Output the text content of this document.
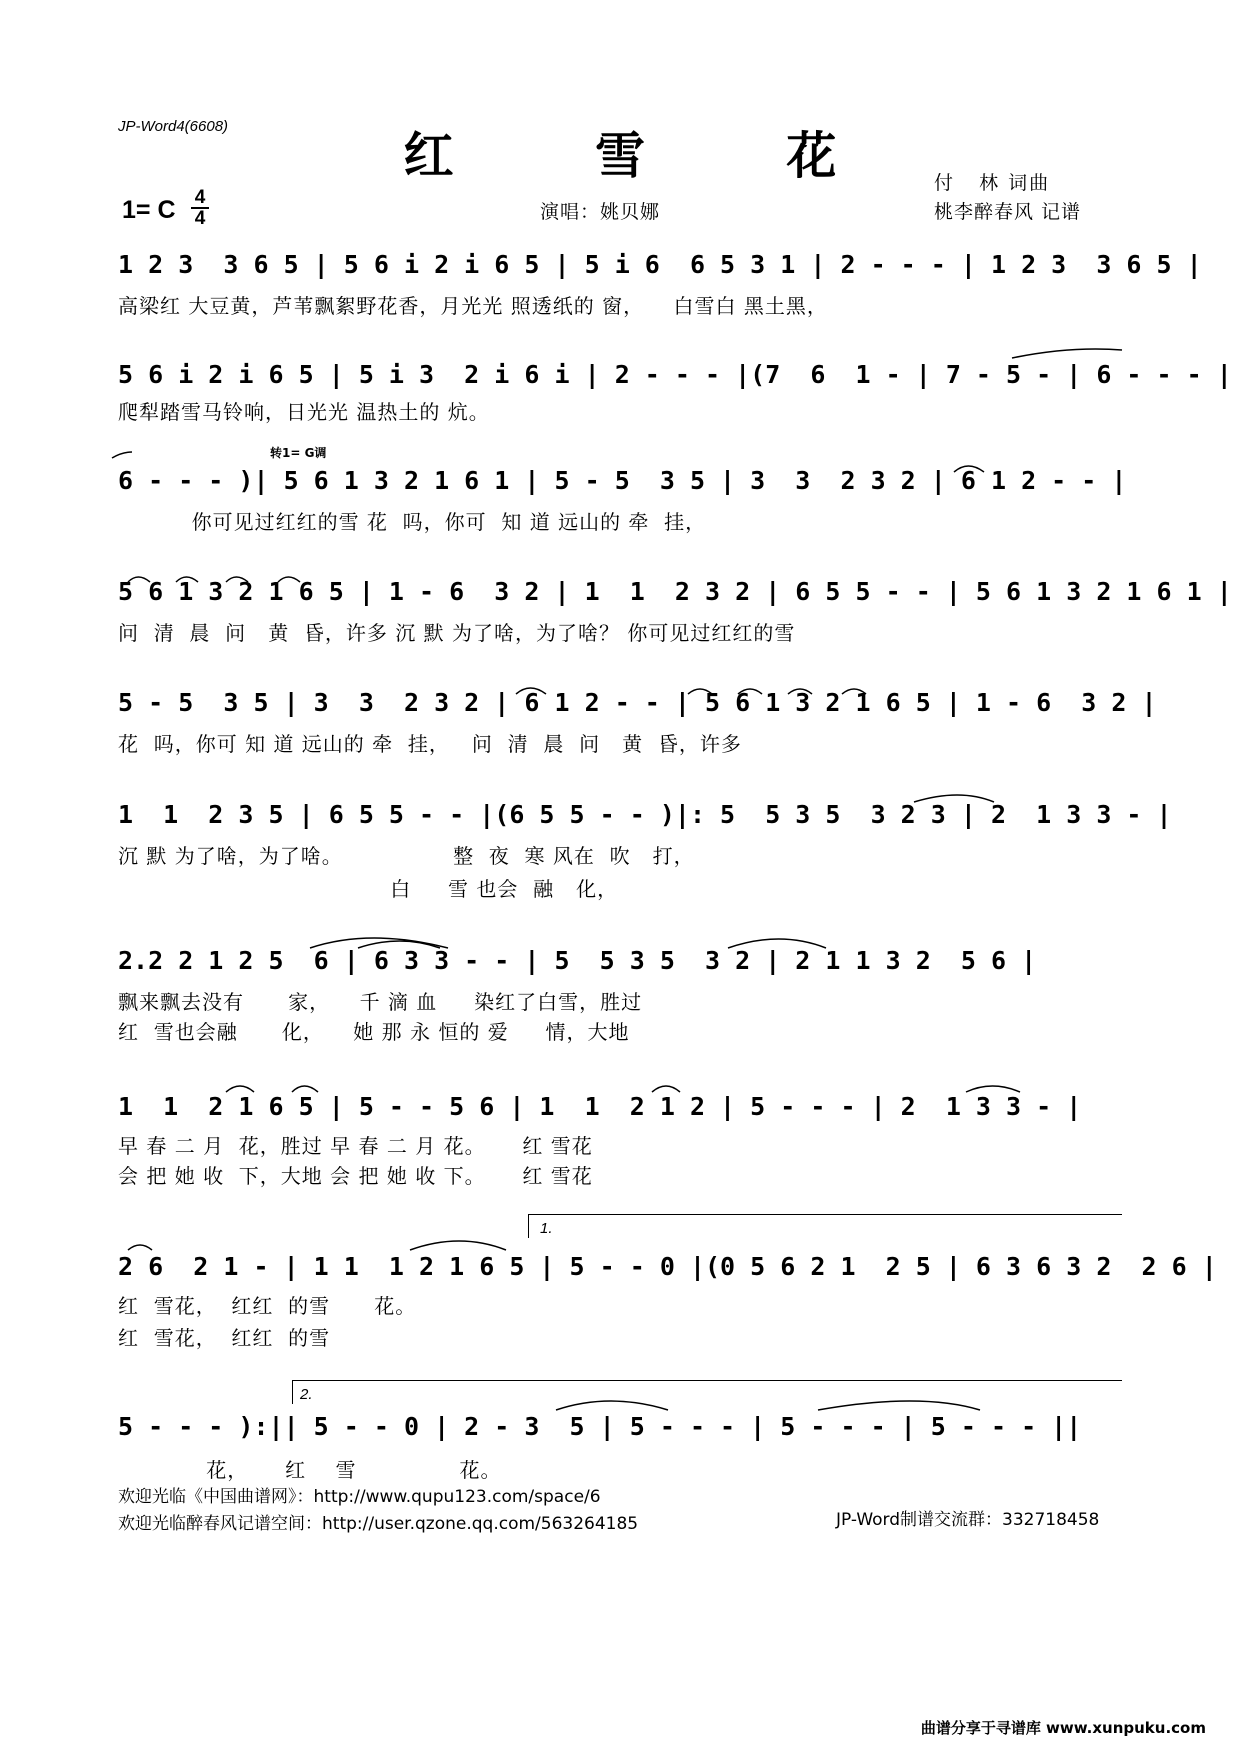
JP-Word4(6608)	红 雪 花	付   林 词曲
桃李醉春风 记谱
演唱：姚贝娜
1= C 4
4
1 2 3  3 6 5 | 5 6 i 2 i 6 5 | 5 i 6  6 5 3 1 | 2 - - - | 1 2 3  3 6 5 |
高梁红 大豆黄，芦苇飘絮野花香，月光光 照透纸的 窗，    白雪白 黑土黑，
5 6 i 2 i 6 5 | 5 i 3  2 i 6 i | 2 - - - |(7  6  1 - | 7 - 5 - | 6 - - - |
爬犁踏雪马铃响，日光光 温热土的 炕。
转1= G调
6 - - - )| 5 6 1 3 2 1 6 1 | 5 - 5  3 5 | 3  3  2 3 2 | 6 1 2 - - |
你可见过红红的雪 花  吗，你可  知 道 远山的 牵  挂，
5 6 1 3 2 1 6 5 | 1 - 6  3 2 | 1  1  2 3 2 | 6 5 5 - - | 5 6 1 3 2 1 6 1 |
问  清  晨  问   黄  昏，许多 沉 默 为了啥，为了啥？ 你可见过红红的雪
5 - 5  3 5 | 3  3  2 3 2 | 6 1 2 - - | 5 6 1 3 2 1 6 5 | 1 - 6  3 2 |
花  吗，你可 知 道 远山的 牵  挂，   问  清  晨  问   黄  昏，许多
1  1  2 3 5 | 6 5 5 - - |(6 5 5 - - )|: 5  5 3 5  3 2 3 | 2  1 3 3 - |
沉 默 为了啥，为了啥。               整  夜  寒 风在  吹   打，
白     雪 也会  融   化，
2.2 2 1 2 5  6 | 6 3 3 - - | 5  5 3 5  3 2 | 2 1 1 3 2  5 6 |
飘来飘去没有      家，    千 滴 血     染红了白雪，胜过
红  雪也会融      化，    她 那 永 恒的 爱     情，大地
1  1  2 1 6 5 | 5 - - 5 6 | 1  1  2 1 2 | 5 - - - | 2  1 3 3 - |
早 春 二 月  花，胜过 早 春 二 月 花。     红 雪花
会 把 她 收  下，大地 会 把 她 收 下。     红 雪花
1.
2 6  2 1 - | 1 1  1 2 1 6 5 | 5 - - 0 |(0 5 6 2 1  2 5 | 6 3 6 3 2  2 6 |
红  雪花，  红红  的雪      花。
红  雪花，  红红  的雪
2.
5 - - - ):|| 5 - - 0 | 2 - 3  5 | 5 - - - | 5 - - - | 5 - - - ||
花，     红    雪              花。
欢迎光临《中国曲谱网》：http://www.qupu123.com/space/6
欢迎光临醉春风记谱空间：http://user.qzone.qq.com/563264185	JP-Word制谱交流群：332718458
曲谱分享于寻谱库 www.xunpuku.com
